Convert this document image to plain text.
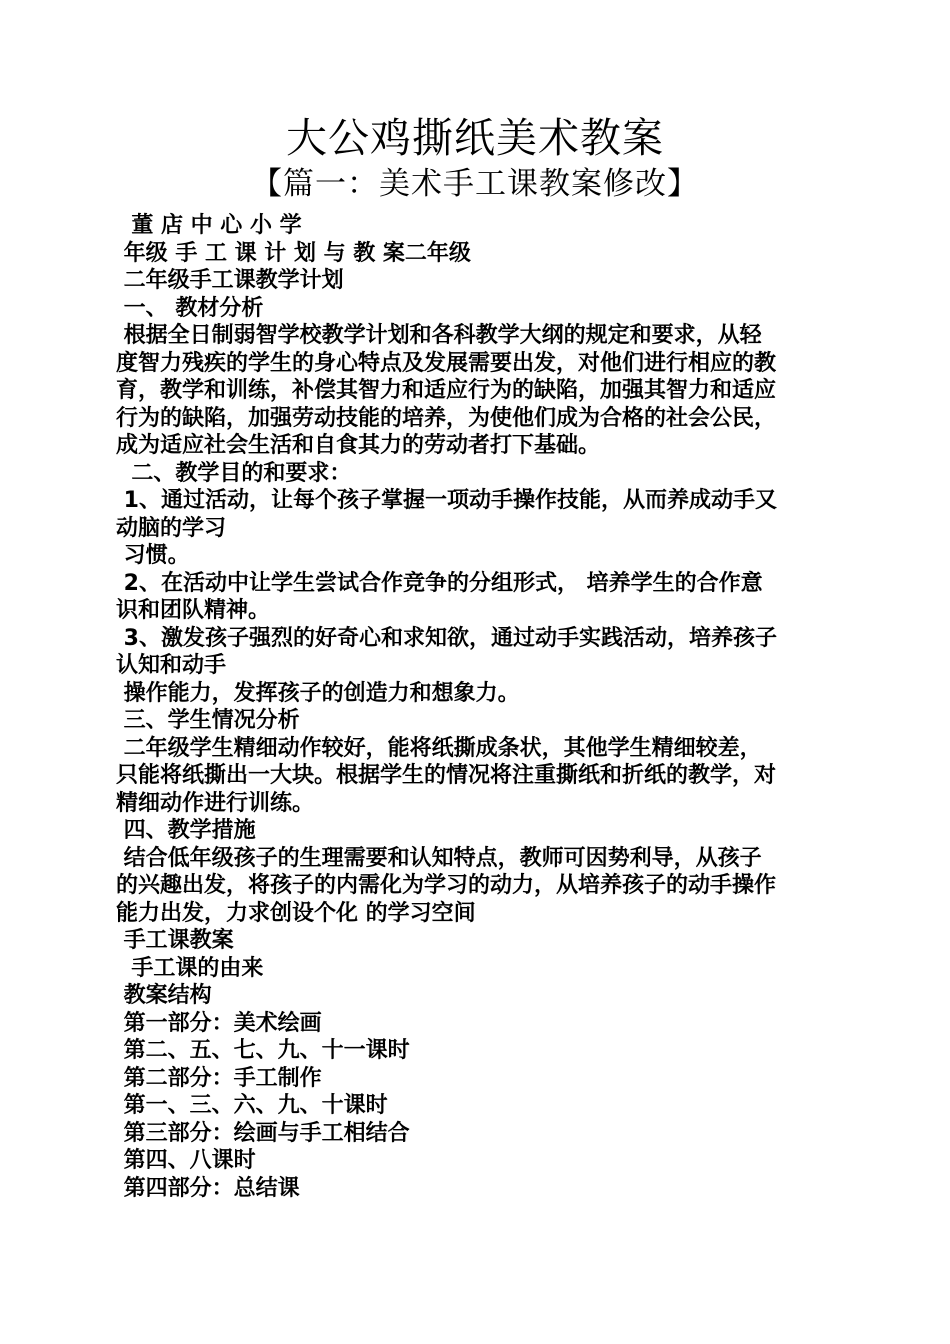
大公鸡撕纸美术教案
【篇一：美术手工课教案修改】
董 店 中 心 小 学
年级 手 工 课 计 划 与 教 案二年级
二年级手工课教学计划
一、 教材分析
根据全日制弱智学校教学计划和各科教学大纲的规定和要求，从轻
度智力残疾的学生的身心特点及发展需要出发，对他们进行相应的教
育，教学和训练，补偿其智力和适应行为的缺陷，加强其智力和适应
行为的缺陷，加强劳动技能的培养，为使他们成为合格的社会公民，
成为适应社会生活和自食其力的劳动者打下基础。
二、教学目的和要求：
1、通过活动，让每个孩子掌握一项动手操作技能，从而养成动手又
动脑的学习
习惯。
2、在活动中让学生尝试合作竞争的分组形式， 培养学生的合作意
识和团队精神。
3、激发孩子强烈的好奇心和求知欲，通过动手实践活动，培养孩子
认知和动手
操作能力，发挥孩子的创造力和想象力。
三、学生情况分析
二年级学生精细动作较好，能将纸撕成条状，其他学生精细较差，
只能将纸撕出一大块。根据学生的情况将注重撕纸和折纸的教学，对
精细动作进行训练。
四、教学措施
结合低年级孩子的生理需要和认知特点，教师可因势利导，从孩子
的兴趣出发，将孩子的内需化为学习的动力，从培养孩子的动手操作
能力出发，力求创设个化 的学习空间
手工课教案
手工课的由来
教案结构
第一部分：美术绘画
第二、五、七、九、十一课时
第二部分：手工制作
第一、三、六、九、十课时
第三部分：绘画与手工相结合
第四、八课时
第四部分：总结课
